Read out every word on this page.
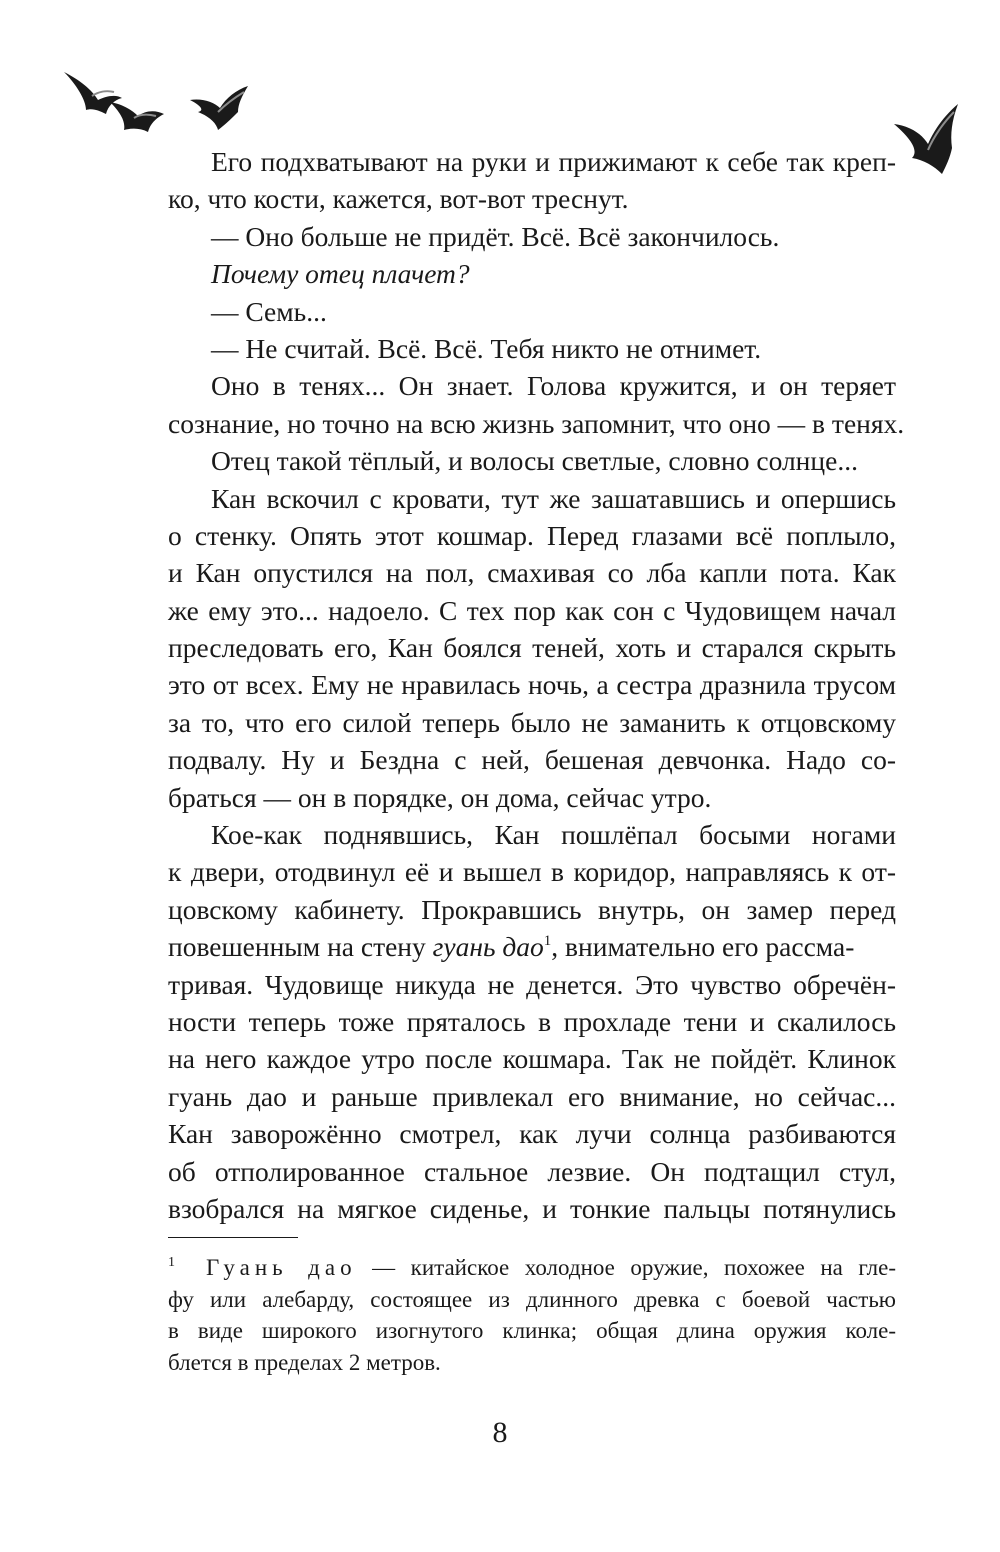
Его подхватывают на руки и прижимают к себе так креп-
ко, что кости, кажется, вот-вот треснут.
— Оно больше не придёт. Всё. Всё закончилось.
Почему отец плачет?
— Семь...
— Не считай. Всё. Всё. Тебя никто не отнимет.
Оно в тенях... Он знает. Голова кружится, и он теряет
сознание, но точно на всю жизнь запомнит, что оно — в тенях.
Отец такой тёплый, и волосы светлые, словно солнце...
Кан вскочил с кровати, тут же зашатавшись и опершись
о стенку. Опять этот кошмар. Перед глазами всё поплыло,
и Кан опустился на пол, смахивая со лба капли пота. Как
же ему это... надоело. С тех пор как сон с Чудовищем начал
преследовать его, Кан боялся теней, хоть и старался скрыть
это от всех. Ему не нравилась ночь, а сестра дразнила трусом
за то, что его силой теперь было не заманить к отцовскому
подвалу. Ну и Бездна с ней, бешеная девчонка. Надо со-
браться — он в порядке, он дома, сейчас утро.
Кое-как поднявшись, Кан пошлёпал босыми ногами
к двери, отодвинул её и вышел в коридор, направляясь к от-
цовскому кабинету. Прокравшись внутрь, он замер перед
повешенным на стену гуань дао$^1$, внимательно его рассма-
тривая. Чудовище никуда не денется. Это чувство обречён-
ности теперь тоже пряталось в прохладе тени и скалилось
на него каждое утро после кошмара. Так не пойдёт. Клинок
гуань дао и раньше привлекал его внимание, но сейчас...
Кан заворожённо смотрел, как лучи солнца разбиваются
об отполированное стальное лезвие. Он подтащил стул,
взобрался на мягкое сиденье, и тонкие пальцы потянулись
1 Гуань дао — китайское холодное оружие, похожее на гле-
фу или алебарду, состоящее из длинного древка с боевой частью
в виде широкого изогнутого клинка; общая длина оружия коле-
блется в пределах 2 метров.
8
